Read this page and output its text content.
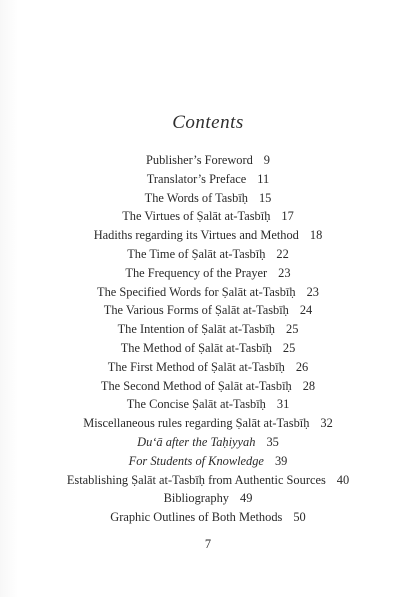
Contents
Publisher’s Foreword 9
Translator’s Preface 11
The Words of Tasbīḥ 15
The Virtues of Ṣalāt at-Tasbīḥ 17
Hadiths regarding its Virtues and Method 18
The Time of Ṣalāt at-Tasbīḥ 22
The Frequency of the Prayer 23
The Specified Words for Ṣalāt at-Tasbīḥ 23
The Various Forms of Ṣalāt at-Tasbīḥ 24
The Intention of Ṣalāt at-Tasbīḥ 25
The Method of Ṣalāt at-Tasbīḥ 25
The First Method of Ṣalāt at-Tasbīḥ 26
The Second Method of Ṣalāt at-Tasbīḥ 28
The Concise Ṣalāt at-Tasbīḥ 31
Miscellaneous rules regarding Ṣalāt at-Tasbīḥ 32
Du‘ā after the Taḥiyyah 35
For Students of Knowledge 39
Establishing Ṣalāt at-Tasbīḥ from Authentic Sources 40
Bibliography 49
Graphic Outlines of Both Methods 50
7
